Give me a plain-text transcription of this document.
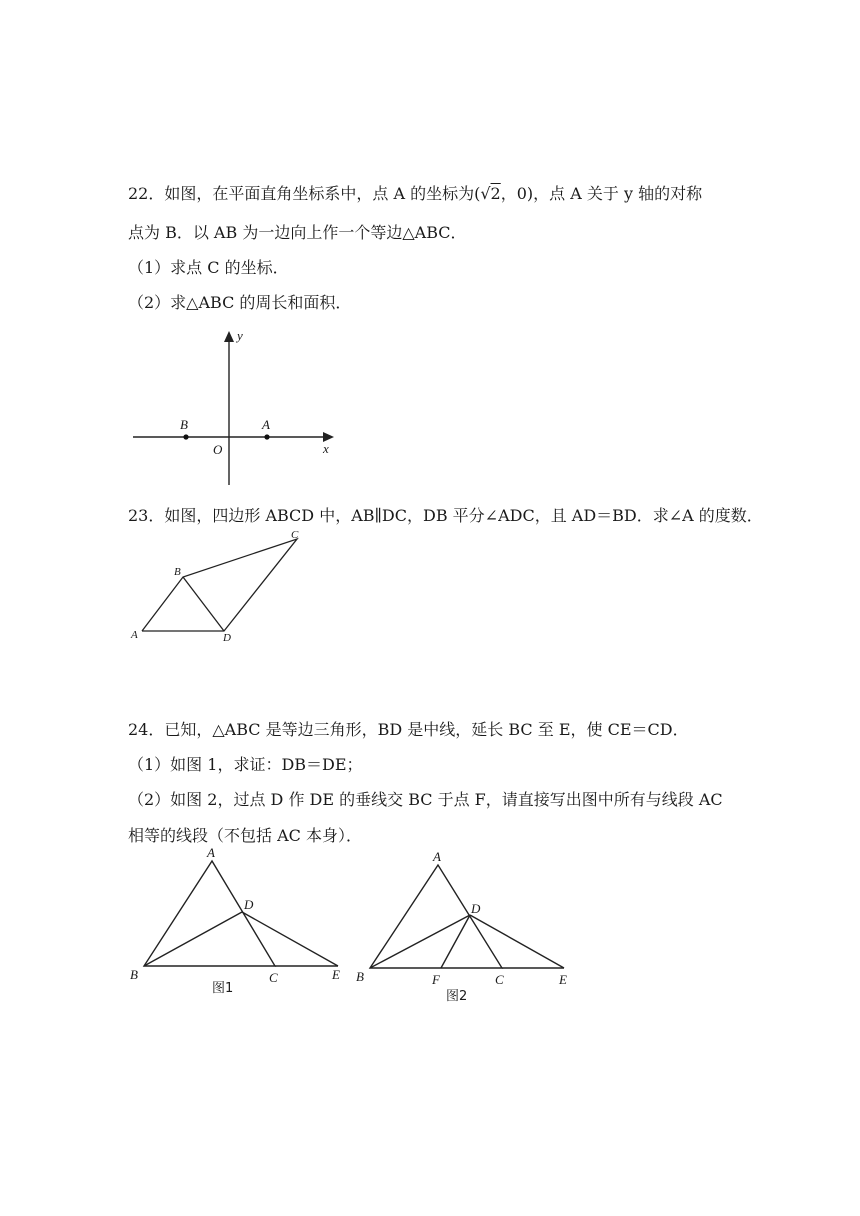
22．如图，在平面直角坐标系中，点 A 的坐标为(√2，0)，点 A 关于 y 轴的对称
点为 B．以 AB 为一边向上作一个等边△ABC．
（1）求点 C 的坐标．
（2）求△ABC 的周长和面积．
y
x
O
B	A
23．如图，四边形 ABCD 中，AB∥DC，DB 平分∠ADC，且 AD＝BD．求∠A 的度数．
A
B
C
D
24．已知，△ABC 是等边三角形，BD 是中线，延长 BC 至 E，使 CE＝CD．
（1）如图 1，求证：DB＝DE；
（2）如图 2，过点 D 作 DE 的垂线交 BC 于点 F，请直接写出图中所有与线段 AC
相等的线段（不包括 AC 本身）．
A
B	C
D
E
图1
A
B	F	C
D
E
图2
